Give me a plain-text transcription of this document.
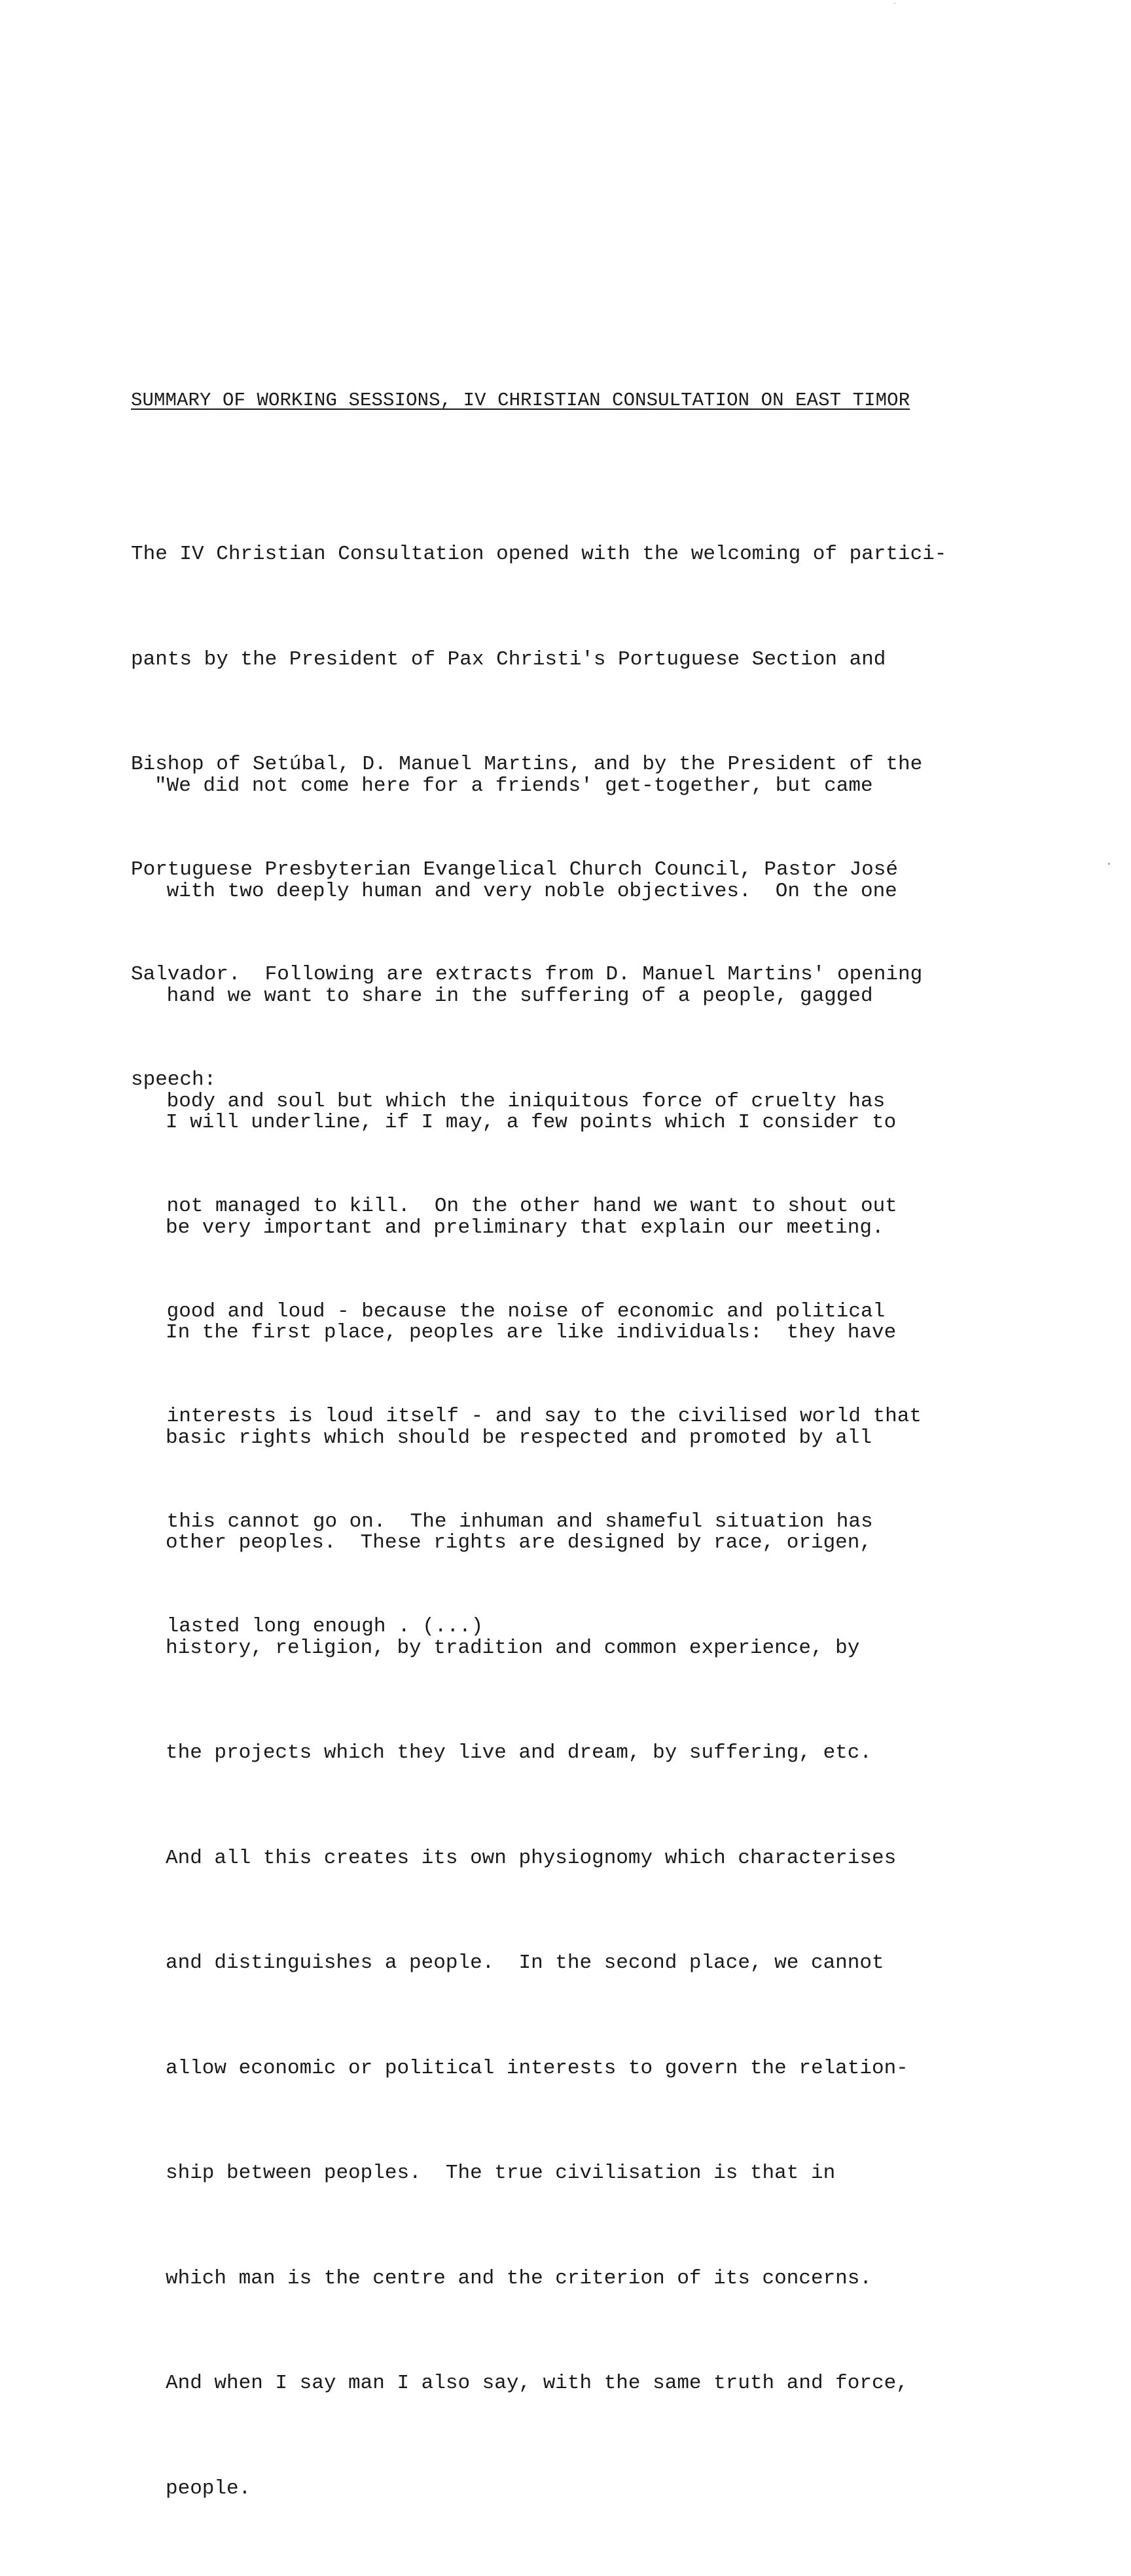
SUMMARY OF WORKING SESSIONS, IV CHRISTIAN CONSULTATION ON EAST TIMOR

The IV Christian Consultation opened with the welcoming of partici-

pants by the President of Pax Christi's Portuguese Section and

Bishop of Setúbal, D. Manuel Martins, and by the President of the

Portuguese Presbyterian Evangelical Church Council, Pastor José

Salvador.  Following are extracts from D. Manuel Martins' opening

speech:

"We did not come here for a friends' get-together, but came

with two deeply human and very noble objectives.  On the one

hand we want to share in the suffering of a people, gagged

body and soul but which the iniquitous force of cruelty has

not managed to kill.  On the other hand we want to shout out

good and loud - because the noise of economic and political

interests is loud itself - and say to the civilised world that

this cannot go on.  The inhuman and shameful situation has

lasted long enough . (...)

I will underline, if I may, a few points which I consider to

be very important and preliminary that explain our meeting.

In the first place, peoples are like individuals:  they have

basic rights which should be respected and promoted by all

other peoples.  These rights are designed by race, origen,

history, religion, by tradition and common experience, by

the projects which they live and dream, by suffering, etc.

And all this creates its own physiognomy which characterises

and distinguishes a people.  In the second place, we cannot

allow economic or political interests to govern the relation-

ship between peoples.  The true civilisation is that in

which man is the centre and the criterion of its concerns.

And when I say man I also say, with the same truth and force,

people.
